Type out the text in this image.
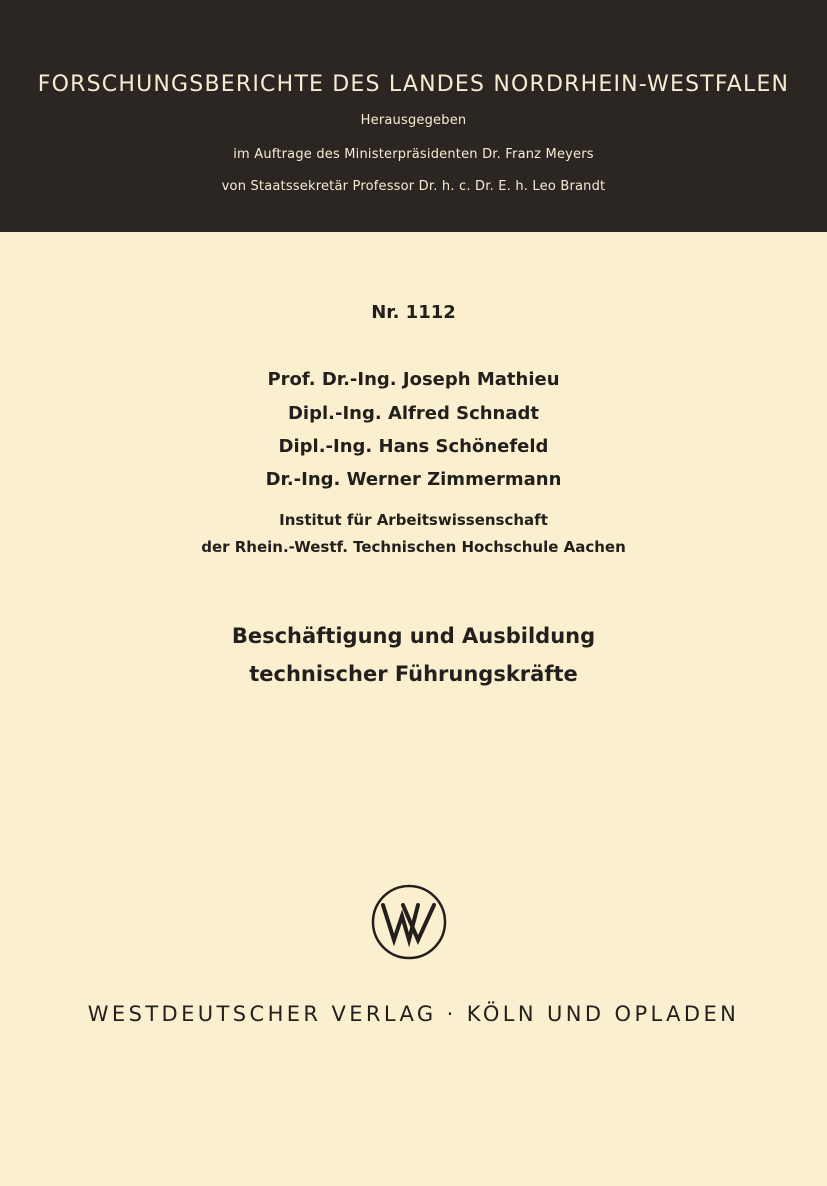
FORSCHUNGSBERICHTE DES LANDES NORDRHEIN-WESTFALEN
Herausgegeben
im Auftrage des Ministerpräsidenten Dr. Franz Meyers
von Staatssekretär Professor Dr. h. c. Dr. E. h. Leo Brandt
Nr. 1112
Prof. Dr.-Ing. Joseph Mathieu
Dipl.-Ing. Alfred Schnadt
Dipl.-Ing. Hans Schönefeld
Dr.-Ing. Werner Zimmermann
Institut für Arbeitswissenschaft
der Rhein.-Westf. Technischen Hochschule Aachen
Beschäftigung und Ausbildung
technischer Führungskräfte
WESTDEUTSCHER VERLAG · KÖLN UND OPLADEN
